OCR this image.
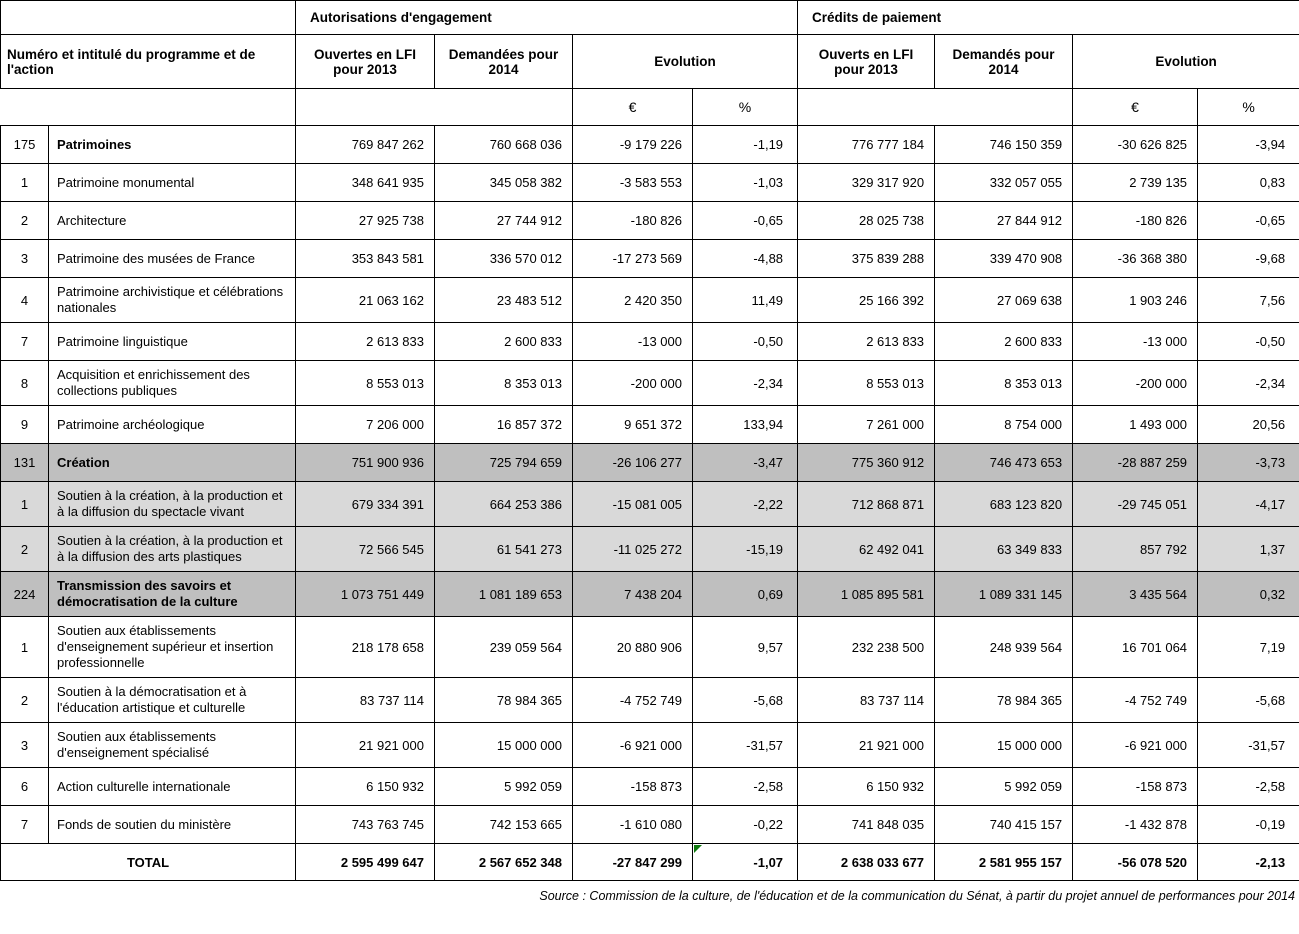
		Autorisations d'engagement				Crédits de paiement			
Numéro et intitulé du programme et de l'action		Ouvertes en LFI pour 2013	Demandées pour 2014	Evolution		Ouverts en LFI pour 2013	Demandés pour 2014	Evolution	
				€	%			€	%
175	Patrimoines	769 847 262	760 668 036	-9 179 226	-1,19	776 777 184	746 150 359	-30 626 825	-3,94
1	Patrimoine monumental	348 641 935	345 058 382	-3 583 553	-1,03	329 317 920	332 057 055	2 739 135	0,83
2	Architecture	27 925 738	27 744 912	-180 826	-0,65	28 025 738	27 844 912	-180 826	-0,65
3	Patrimoine des musées de France	353 843 581	336 570 012	-17 273 569	-4,88	375 839 288	339 470 908	-36 368 380	-9,68
4	Patrimoine archivistique et célébrations nationales	21 063 162	23 483 512	2 420 350	11,49	25 166 392	27 069 638	1 903 246	7,56
7	Patrimoine linguistique	2 613 833	2 600 833	-13 000	-0,50	2 613 833	2 600 833	-13 000	-0,50
8	Acquisition et enrichissement des collections publiques	8 553 013	8 353 013	-200 000	-2,34	8 553 013	8 353 013	-200 000	-2,34
9	Patrimoine archéologique	7 206 000	16 857 372	9 651 372	133,94	7 261 000	8 754 000	1 493 000	20,56
131	Création	751 900 936	725 794 659	-26 106 277	-3,47	775 360 912	746 473 653	-28 887 259	-3,73
1	Soutien à la création, à la production et à la diffusion du spectacle vivant	679 334 391	664 253 386	-15 081 005	-2,22	712 868 871	683 123 820	-29 745 051	-4,17
2	Soutien à la création, à la production et à la diffusion des arts plastiques	72 566 545	61 541 273	-11 025 272	-15,19	62 492 041	63 349 833	857 792	1,37
224	Transmission des savoirs et démocratisation de la culture	1 073 751 449	1 081 189 653	7 438 204	0,69	1 085 895 581	1 089 331 145	3 435 564	0,32
1	Soutien aux établissements d'enseignement supérieur et insertion professionnelle	218 178 658	239 059 564	20 880 906	9,57	232 238 500	248 939 564	16 701 064	7,19
2	Soutien à la démocratisation et à l'éducation artistique et culturelle	83 737 114	78 984 365	-4 752 749	-5,68	83 737 114	78 984 365	-4 752 749	-5,68
3	Soutien aux établissements d'enseignement spécialisé	21 921 000	15 000 000	-6 921 000	-31,57	21 921 000	15 000 000	-6 921 000	-31,57
6	Action culturelle internationale	6 150 932	5 992 059	-158 873	-2,58	6 150 932	5 992 059	-158 873	-2,58
7	Fonds de soutien du ministère	743 763 745	742 153 665	-1 610 080	-0,22	741 848 035	740 415 157	-1 432 878	-0,19
TOTAL		2 595 499 647	2 567 652 348	-27 847 299	-1,07	2 638 033 677	2 581 955 157	-56 078 520	-2,13
Source : Commission de la culture, de l'éducation et de la communication du Sénat, à partir du projet annuel de performances pour 2014
